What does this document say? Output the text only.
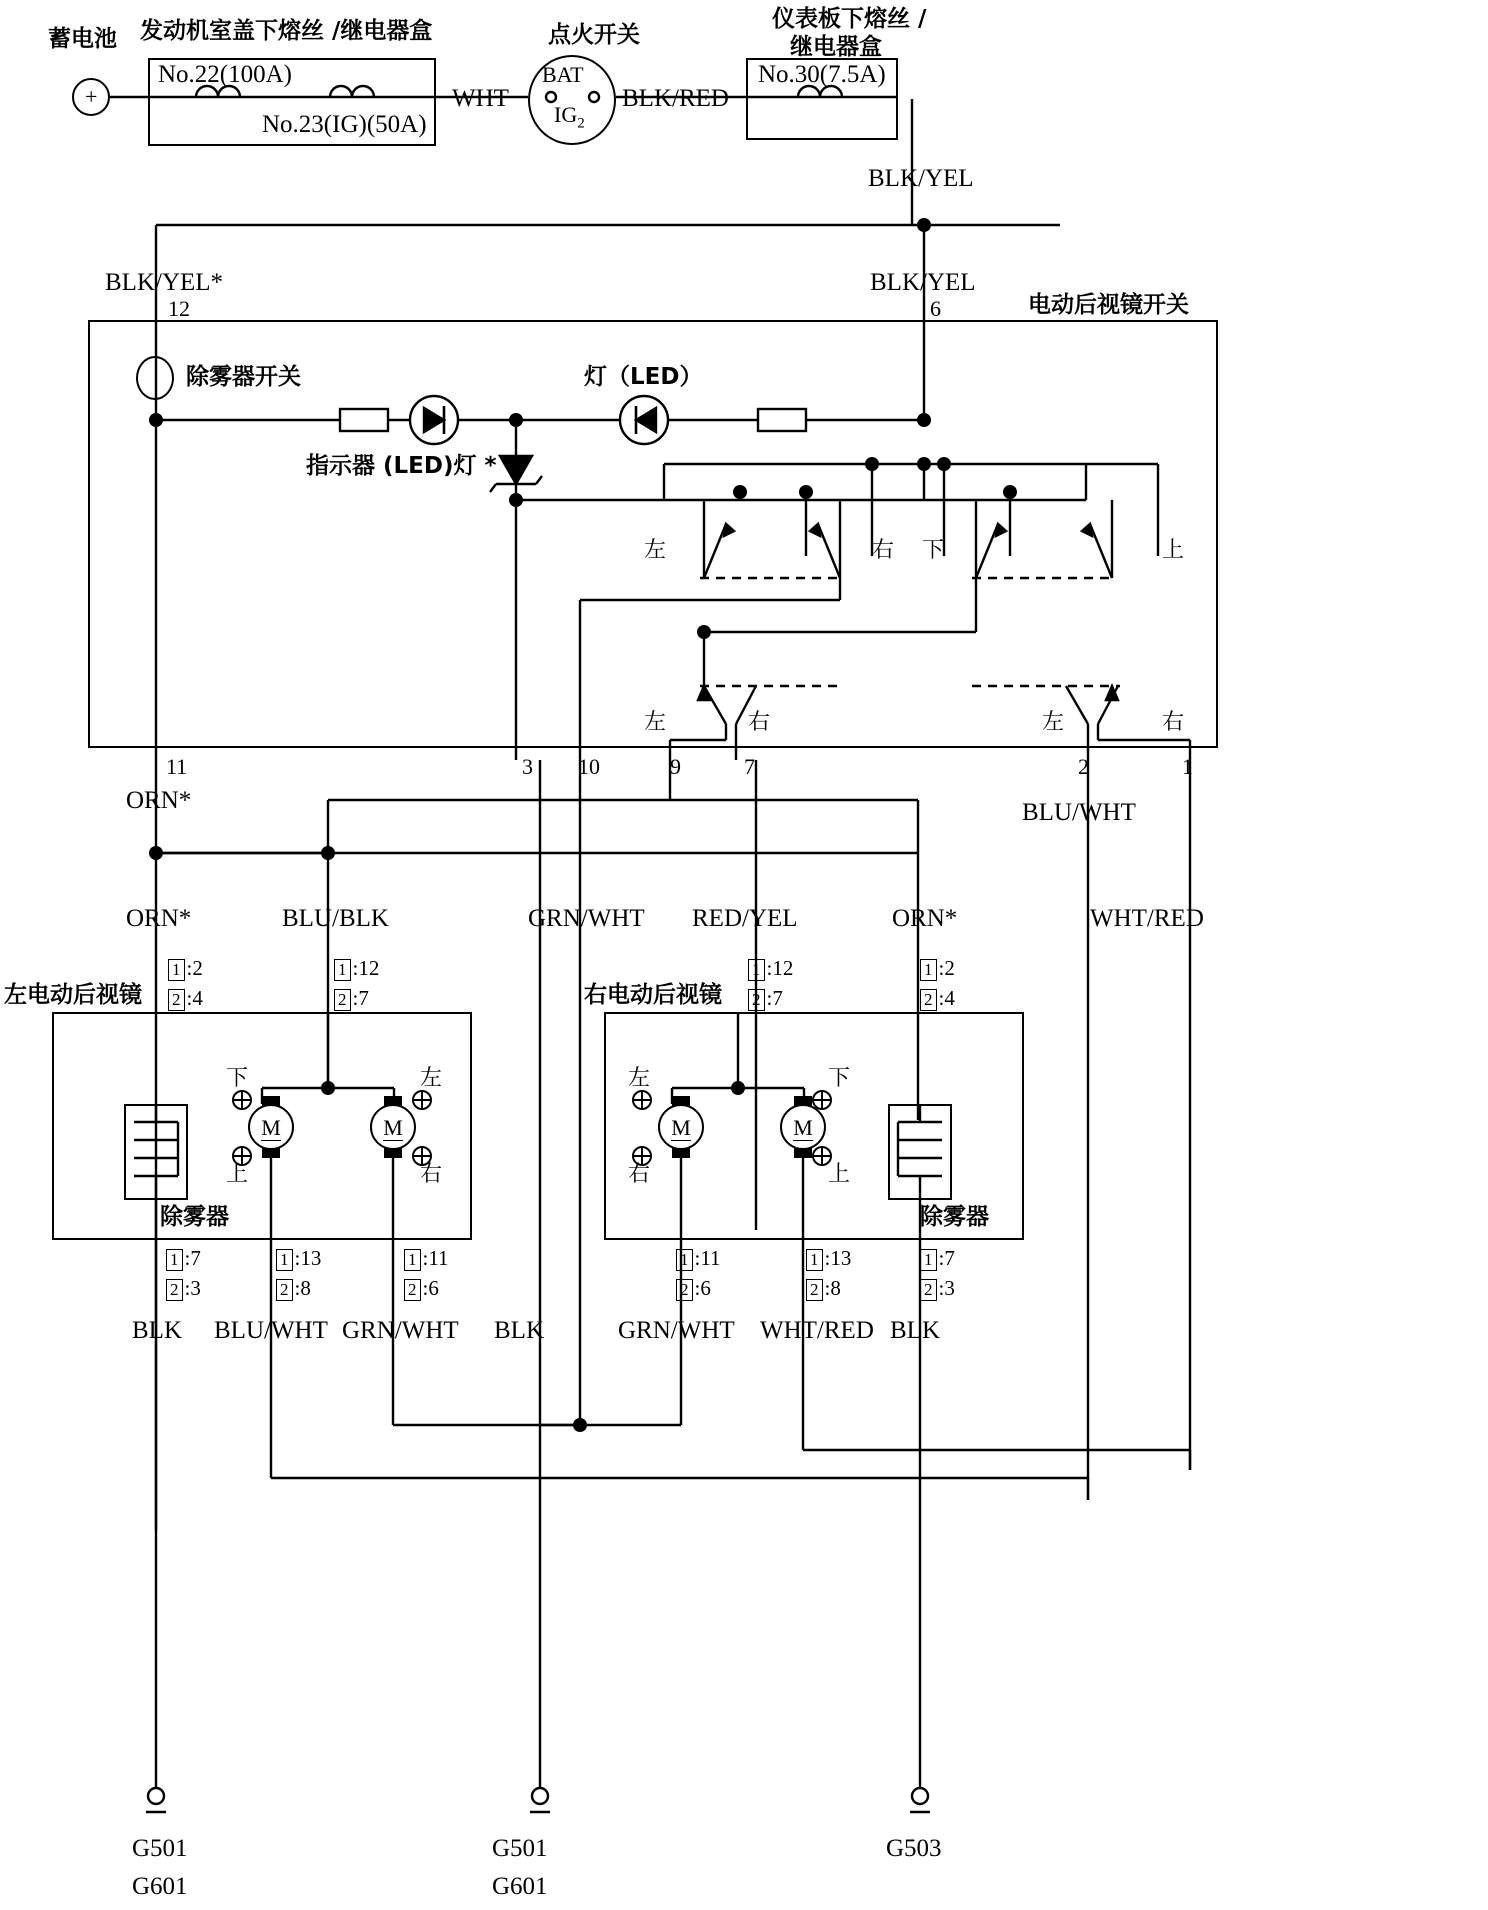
蓄电池 发动机室盖下熔丝 /继电器盒	点火开关
仪表板下熔丝 /
继电器盒
+
No.22(100A)
No.23(IG)(50A)
BAT
$IG_2$
No.30(7.5A)
WHT	BLK/RED
BLK/YEL
BLK/YEL*	BLK/YEL
电动后视镜开关
除雾器开关	灯（LED）
指示器 (LED)灯 *
12	6
11	3 10	9	7	2	1
左	右 下	上
左	右	左	右
ORN*
ORN*	BLU/BLK	GRN/WHT RED/YEL	ORN*	WHT/RED
BLU/WHT
1 :2
2 :4
1 :12
2 :7
1 :12
2 :7
1 :2
2 :4
左电动后视镜	右电动后视镜
除雾器	除雾器
M	M	M	M
下
上
左
右
左
右
下
上
1 :7
2 :3
1 :13
2 :8
1 :11
2 :6
1 :11
2 :6
1 :13
2 :8
1 :7
2 :3
BLK BLU/WHT GRN/WHT BLK	GRN/WHT WHT/RED BLK
G501
G601
G501
G601
G503
